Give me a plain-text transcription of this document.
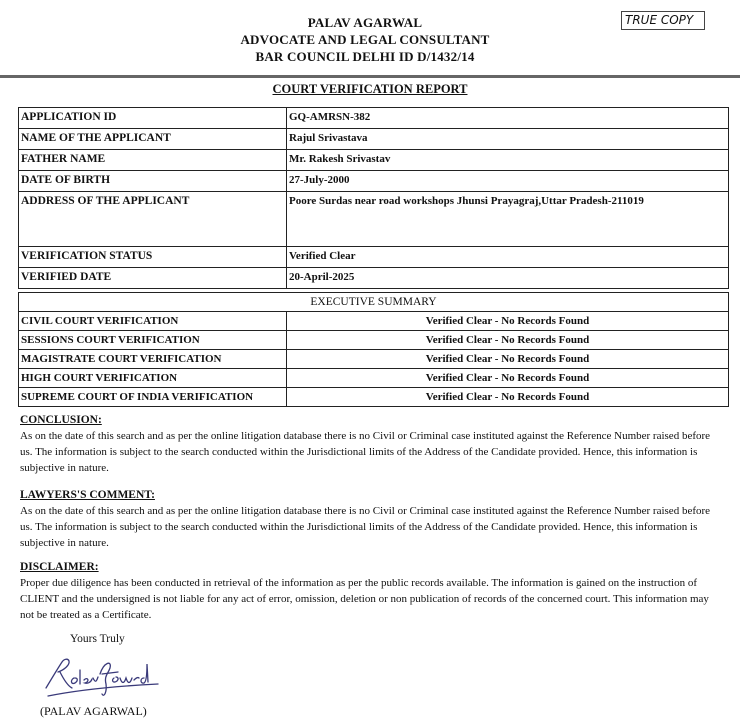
PALAV AGARWAL
ADVOCATE AND LEGAL CONSULTANT
BAR COUNCIL DELHI ID D/1432/14
TRUE COPY
COURT VERIFICATION REPORT
APPLICATION ID	GQ-AMRSN-382
NAME OF THE APPLICANT	Rajul Srivastava
FATHER NAME	Mr. Rakesh Srivastav
DATE OF BIRTH	27-July-2000
ADDRESS OF THE APPLICANT	Poore Surdas near road workshops Jhunsi Prayagraj,Uttar Pradesh-211019
VERIFICATION STATUS	Verified Clear
VERIFIED DATE	20-April-2025
EXECUTIVE SUMMARY	
CIVIL COURT VERIFICATION	Verified Clear - No Records Found
SESSIONS COURT VERIFICATION	Verified Clear - No Records Found
MAGISTRATE COURT VERIFICATION	Verified Clear - No Records Found
HIGH COURT VERIFICATION	Verified Clear - No Records Found
SUPREME COURT OF INDIA VERIFICATION	Verified Clear - No Records Found
CONCLUSION:

As on the date of this search and as per the online litigation database there is no Civil or Criminal case instituted against the Reference Number raised before us. The information is subject to the search conducted within the Jurisdictional limits of the Address of the Candidate provided. Hence, this information is subjective in nature.

LAWYERS'S COMMENT:

As on the date of this search and as per the online litigation database there is no Civil or Criminal case instituted against the Reference Number raised before us. The information is subject to the search conducted within the Jurisdictional limits of the Address of the Candidate provided. Hence, this information is subjective in nature.

DISCLAIMER:

Proper due diligence has been conducted in retrieval of the information as per the public records available. The information is gained on the instruction of CLIENT and the undersigned is not liable for any act of error, omission, deletion or non publication of records of the concerned court. This information may not be treated as a Certificate.

Yours Truly
(PALAV AGARWAL)
